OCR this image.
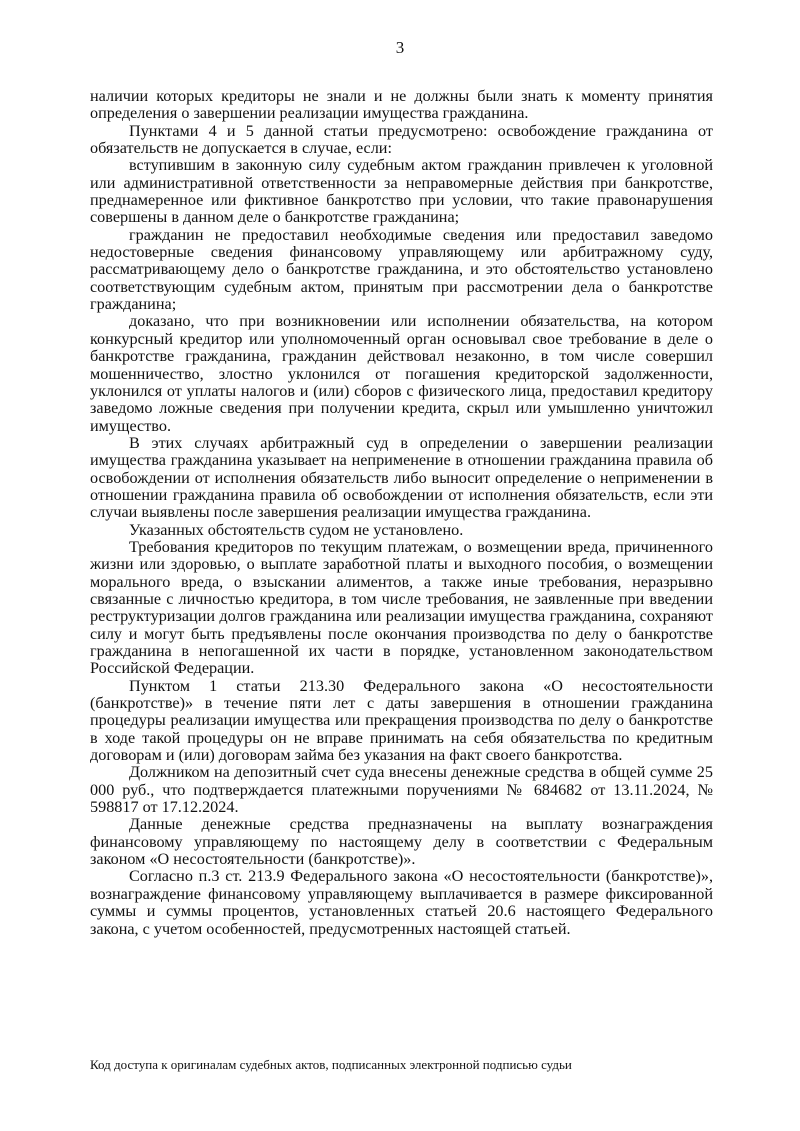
3

наличии которых кредиторы не знали и не должны были знать к моменту принятия определения о завершении реализации имущества гражданина.

Пунктами 4 и 5 данной статьи предусмотрено: освобождение гражданина от обязательств не допускается в случае, если:

вступившим в законную силу судебным актом гражданин привлечен к уголовной или административной ответственности за неправомерные действия при банкротстве, преднамеренное или фиктивное банкротство при условии, что такие правонарушения совершены в данном деле о банкротстве гражданина;

гражданин не предоставил необходимые сведения или предоставил заведомо недостоверные сведения финансовому управляющему или арбитражному суду, рассматривающему дело о банкротстве гражданина, и это обстоятельство установлено соответствующим судебным актом, принятым при рассмотрении дела о банкротстве гражданина;

доказано, что при возникновении или исполнении обязательства, на котором конкурсный кредитор или уполномоченный орган основывал свое требование в деле о банкротстве гражданина, гражданин действовал незаконно, в том числе совершил мошенничество, злостно уклонился от погашения кредиторской задолженности, уклонился от уплаты налогов и (или) сборов с физического лица, предоставил кредитору заведомо ложные сведения при получении кредита, скрыл или умышленно уничтожил имущество.

В этих случаях арбитражный суд в определении о завершении реализации имущества гражданина указывает на неприменение в отношении гражданина правила об освобождении от исполнения обязательств либо выносит определение о неприменении в отношении гражданина правила об освобождении от исполнения обязательств, если эти случаи выявлены после завершения реализации имущества гражданина.

Указанных обстоятельств судом не установлено.

Требования кредиторов по текущим платежам, о возмещении вреда, причиненного жизни или здоровью, о выплате заработной платы и выходного пособия, о возмещении морального вреда, о взыскании алиментов, а также иные требования, неразрывно связанные с личностью кредитора, в том числе требования, не заявленные при введении реструктуризации долгов гражданина или реализации имущества гражданина, сохраняют силу и могут быть предъявлены после окончания производства по делу о банкротстве гражданина в непогашенной их части в порядке, установленном законодательством Российской Федерации.

Пунктом 1 статьи 213.30 Федерального закона «О несостоятельности (банкротстве)» в течение пяти лет с даты завершения в отношении гражданина процедуры реализации имущества или прекращения производства по делу о банкротстве в ходе такой процедуры он не вправе принимать на себя обязательства по кредитным договорам и (или) договорам займа без указания на факт своего банкротства.

Должником на депозитный счет суда внесены денежные средства в общей сумме 25 000 руб., что подтверждается платежными поручениями № 684682 от 13.11.2024, № 598817 от 17.12.2024.

Данные денежные средства предназначены на выплату вознаграждения финансовому управляющему по настоящему делу в соответствии с Федеральным законом «О несостоятельности (банкротстве)».

Согласно п.3 ст. 213.9 Федерального закона «О несостоятельности (банкротстве)», вознаграждение финансовому управляющему выплачивается в размере фиксированной суммы и суммы процентов, установленных статьей 20.6 настоящего Федерального закона, с учетом особенностей, предусмотренных настоящей статьей.

Код доступа к оригиналам судебных актов, подписанных электронной подписью судьи
